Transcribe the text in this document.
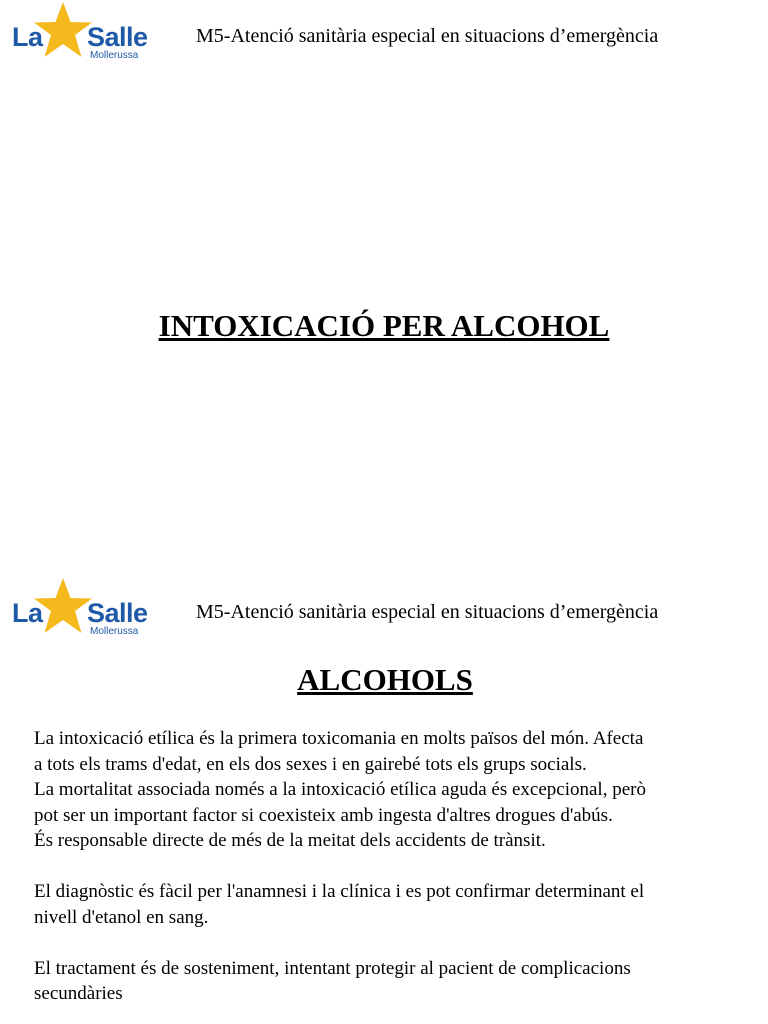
La Salle
Mollerussa
M5-Atenció sanitària especial en situacions d’emergència
INTOXICACIÓ PER ALCOHOL
La Salle
Mollerussa
M5-Atenció sanitària especial en situacions d’emergència
ALCOHOLS

La intoxicació etílica és la primera toxicomania en molts països del món. Afecta

a tots els trams d'edat, en els dos sexes i en gairebé tots els grups socials.

La mortalitat associada només a la intoxicació etílica aguda és excepcional, però

pot ser un important factor si coexisteix amb ingesta d'altres drogues d'abús.

És responsable directe de més de la meitat dels accidents de trànsit.

El diagnòstic és fàcil per l'anamnesi i la clínica i es pot confirmar determinant el

nivell d'etanol en sang.

El tractament és de sosteniment, intentant protegir al pacient de complicacions

secundàries
